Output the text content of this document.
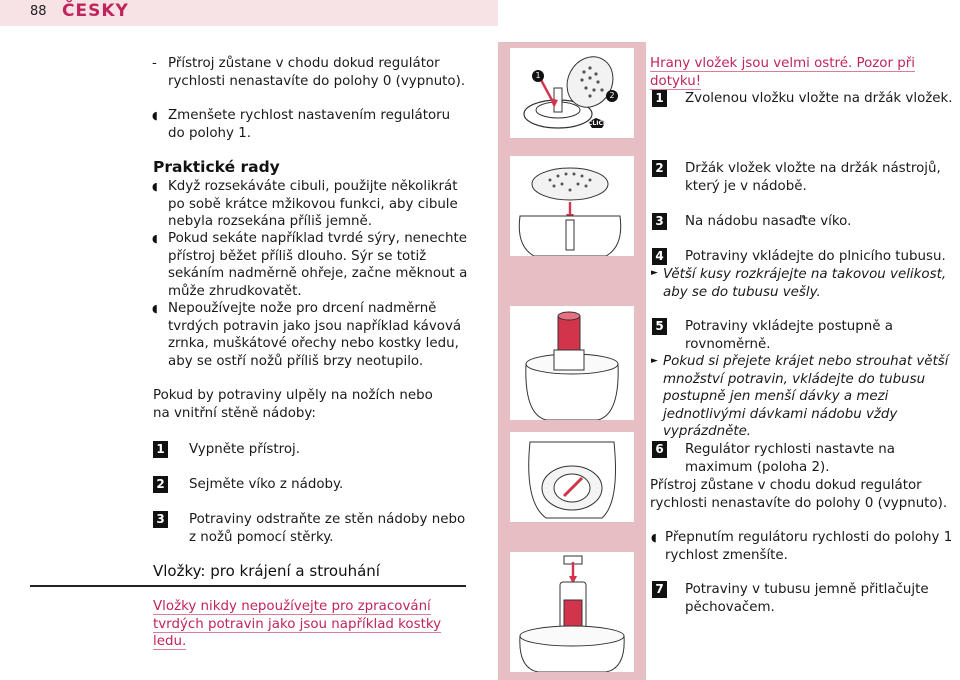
88 ČESKY
- Přístroj zůstane v chodu dokud regulátor rychlosti nenastavíte do polohy 0 (vypnuto).
◖ Zmenšete rychlost nastavením regulátoru do polohy 1.
Praktické rady
◖ Když rozsekáváte cibuli, použijte několikrát po sobě krátce mžikovou funkci, aby cibule nebyla rozsekána příliš jemně.
◖ Pokud sekáte například tvrdé sýry, nenechte přístroj běžet příliš dlouho. Sýr se totiž sekáním nadměrně ohřeje, začne měknout a může zhrudkovatět.
◖ Nepoužívejte nože pro drcení nadměrně tvrdých potravin jako jsou například kávová zrnka, muškátové ořechy nebo kostky ledu, aby se ostří nožů příliš brzy neotupilo.
Pokud by potraviny ulpěly na nožích nebo na vnitřní stěně nádoby:
1 Vypněte přístroj.
2 Sejměte víko z nádoby.
3 Potraviny odstraňte ze stěn nádoby nebo z nožů pomocí stěrky.
Vložky: pro krájení a strouhání
Vložky nikdy nepoužívejte pro zpracování tvrdých potravin jako jsou například kostky ledu.
1
2
CLICK
Hrany vložek jsou velmi ostré. Pozor při dotyku!
1 Zvolenou vložku vložte na držák vložek.
2 Držák vložek vložte na držák nástrojů, který je v nádobě.
3 Na nádobu nasaďte víko.
4 Potraviny vkládejte do plnicího tubusu.
► Větší kusy rozkrájejte na takovou velikost, aby se do tubusu vešly.
5 Potraviny vkládejte postupně a rovnoměrně.
► Pokud si přejete krájet nebo strouhat větší množství potravin, vkládejte do tubusu postupně jen menší dávky a mezi jednotlivými dávkami nádobu vždy vyprázdněte.
6 Regulátor rychlosti nastavte na maximum (poloha 2).
Přístroj zůstane v chodu dokud regulátor rychlosti nenastavíte do polohy 0 (vypnuto).
◖ Přepnutím regulátoru rychlosti do polohy 1 rychlost zmenšíte.
7 Potraviny v tubusu jemně přitlačujte pěchovačem.
